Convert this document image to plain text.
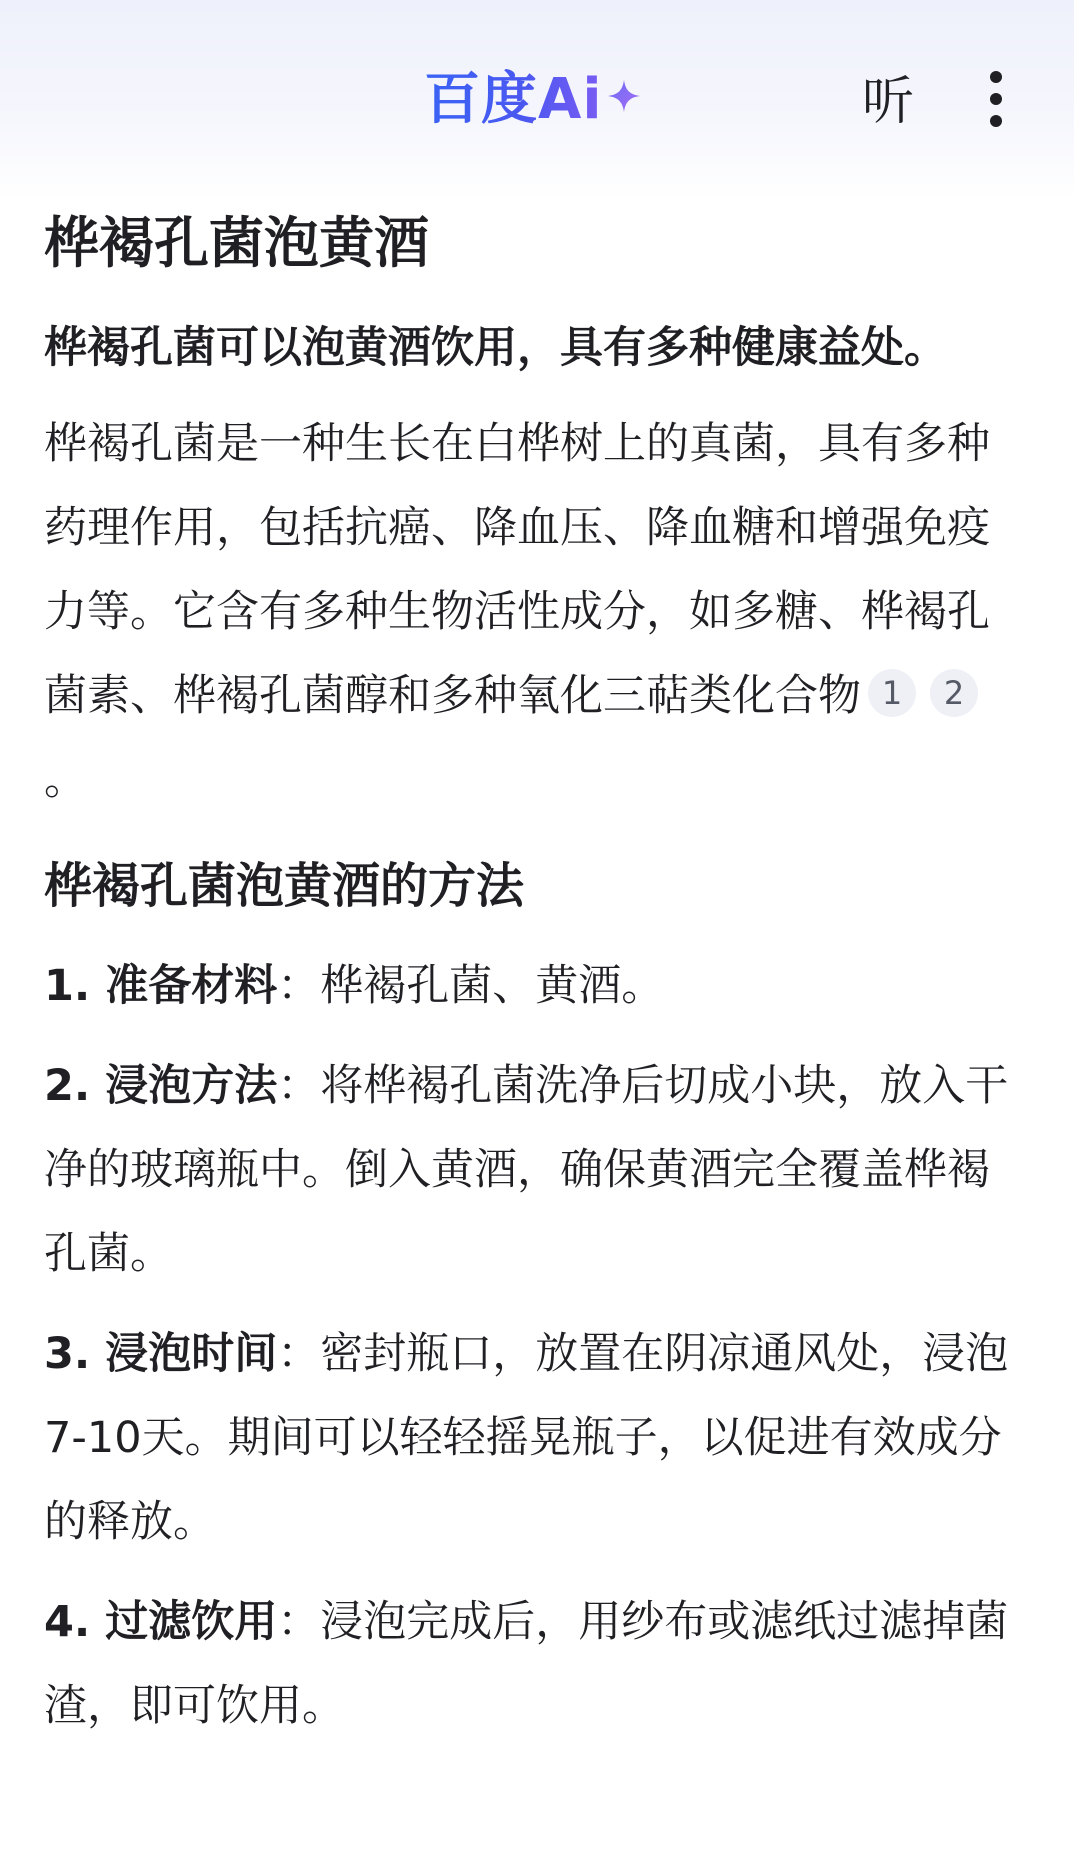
百度Ai	听
桦褐孔菌泡黄酒
桦褐孔菌可以泡黄酒饮用，具有多种健康益处。
桦褐孔菌是一种生长在白桦树上的真菌，具有多种药理作用，包括抗癌、降血压、降血糖和增强免疫力等。它含有多种生物活性成分，如多糖、桦褐孔菌素、桦褐孔菌醇和多种氧化三萜类化合物 1 2。
桦褐孔菌泡黄酒的方法
1. 准备材料：桦褐孔菌、黄酒。
2. 浸泡方法：将桦褐孔菌洗净后切成小块，放入干净的玻璃瓶中。倒入黄酒，确保黄酒完全覆盖桦褐孔菌。
3. 浸泡时间：密封瓶口，放置在阴凉通风处，浸泡7-10天。期间可以轻轻摇晃瓶子，以促进有效成分的释放。
4. 过滤饮用：浸泡完成后，用纱布或滤纸过滤掉菌渣，即可饮用。
